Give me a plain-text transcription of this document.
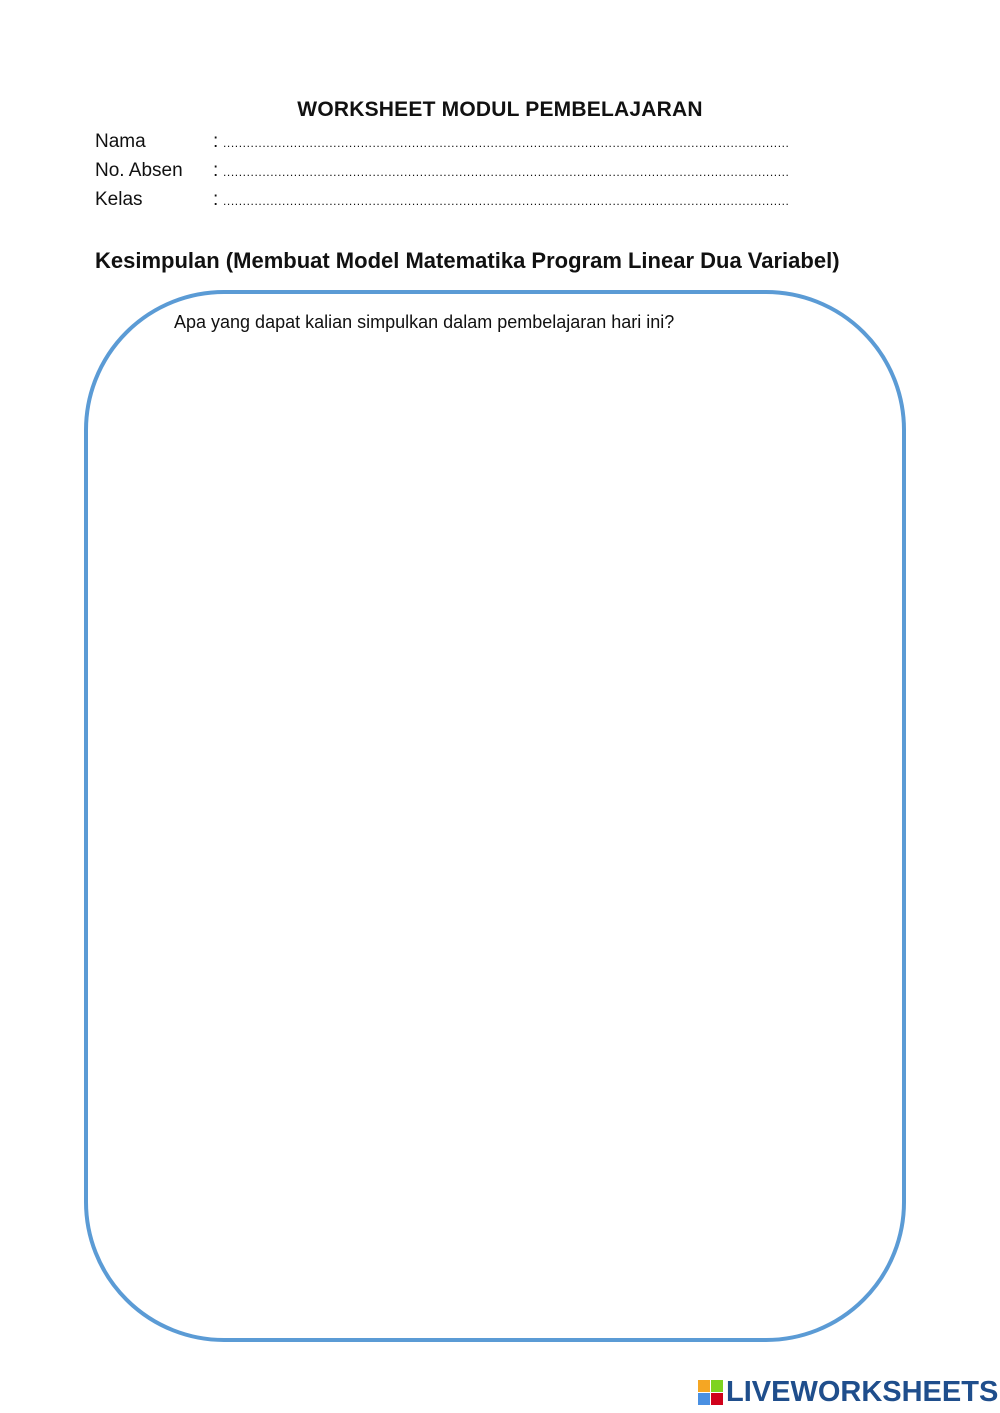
WORKSHEET MODUL PEMBELAJARAN
Nama	: ................................................................................................................................................
No. Absen	: ................................................................................................................................................
Kelas	: ................................................................................................................................................
Kesimpulan (Membuat Model Matematika Program Linear Dua Variabel)
Apa yang dapat kalian simpulkan dalam pembelajaran hari ini?
LIVEWORKSHEETS
